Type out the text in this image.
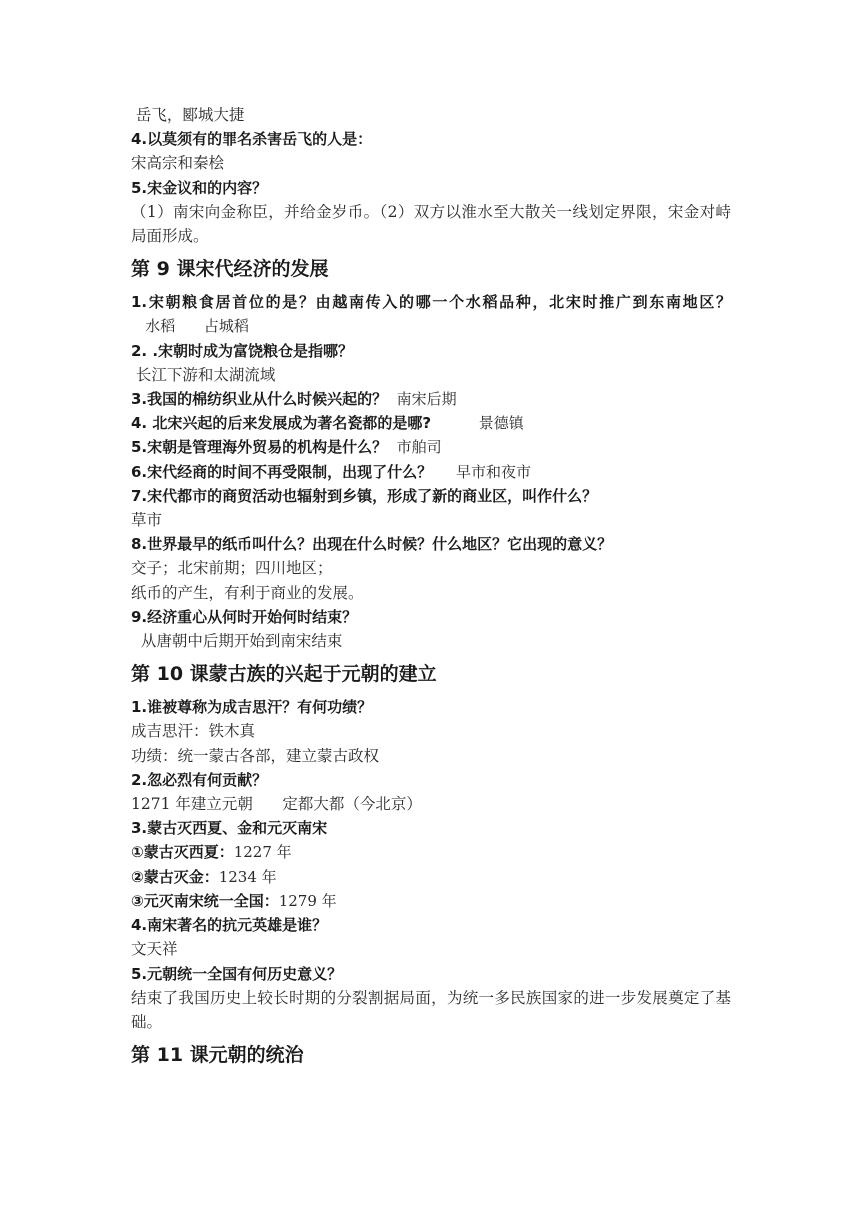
岳飞，郾城大捷

4.以莫须有的罪名杀害岳飞的人是：

宋高宗和秦桧

5.宋金议和的内容？

（1）南宋向金称臣，并给金岁币。（2）双方以淮水至大散关一线划定界限，宋金对峙局面形成。

第 9 课宋代经济的发展

1.宋朝粮食居首位的是？由越南传入的哪一个水稻品种，北宋时推广到东南地区？   水稻      占城稻

2. .宋朝时成为富饶粮仓是指哪？

长江下游和太湖流域

3.我国的棉纺织业从什么时候兴起的？  南宋后期

4. 北宋兴起的后来发展成为著名瓷都的是哪?          景德镇

5.宋朝是管理海外贸易的机构是什么？  市舶司

6.宋代经商的时间不再受限制，出现了什么？     早市和夜市

7.宋代都市的商贸活动也辐射到乡镇，形成了新的商业区，叫作什么？

草市

8.世界最早的纸币叫什么？出现在什么时候？什么地区？它出现的意义？

交子；北宋前期；四川地区；

纸币的产生，有利于商业的发展。

9.经济重心从何时开始何时结束？

从唐朝中后期开始到南宋结束

第 10 课蒙古族的兴起于元朝的建立

1.谁被尊称为成吉思汗？有何功绩？

成吉思汗：铁木真

功绩：统一蒙古各部，建立蒙古政权

2.忽必烈有何贡献？

1271 年建立元朝      定都大都（今北京）

3.蒙古灭西夏、金和元灭南宋

①蒙古灭西夏：1227 年

②蒙古灭金：1234 年

③元灭南宋统一全国：1279 年

4.南宋著名的抗元英雄是谁？

文天祥

5.元朝统一全国有何历史意义？

结束了我国历史上较长时期的分裂割据局面，为统一多民族国家的进一步发展奠定了基础。

第 11 课元朝的统治
